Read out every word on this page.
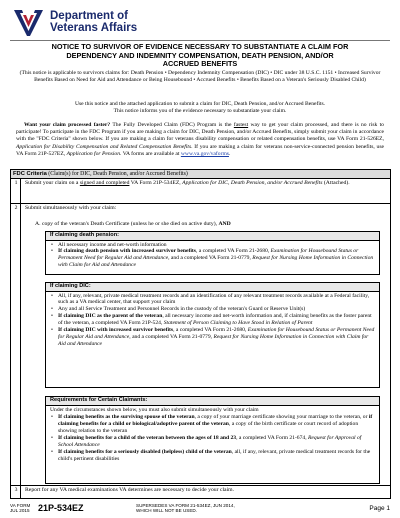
Department of
Veterans Affairs
NOTICE TO SURVIVOR OF EVIDENCE NECESSARY TO SUBSTANTIATE A CLAIM FOR
DEPENDENCY AND INDEMNITY COMPENSATION, DEATH PENSION, AND/OR
ACCRUED BENEFITS
(This notice is applicable to survivors claims for: Death Pension • Dependency Indemnity Compensation (DIC) • DIC under 38 U.S.C. 1151 • Increased Survivor Benefits Based on Need for Aid and Attendance or Being Housebound • Accrued Benefits • Benefits Based on a Veteran's Seriously Disabled Child)
Use this notice and the attached application to submit a claim for DIC, Death Pension, and/or Accrued Benefits.
This notice informs you of the evidence necessary to substantiate your claim.
Want your claim processed faster? The Fully Developed Claim (FDC) Program is the fastest way to get your claim processed, and there is no risk to participate! To participate in the FDC Program if you are making a claim for DIC, Death Pension, and/or Accrued Benefits, simply submit your claim in accordance with the "FDC Criteria" shown below. If you are making a claim for veterans disability compensation or related compensation benefits, use VA Form 21-526EZ, Application for Disability Compensation and Related Compensation Benefits. If you are making a claim for veterans non-service-connected pension benefits, use VA Form 21P-527EZ, Application for Pension. VA forms are available at www.va.gov/vaforms.
FDC Criteria (Claim(s) for DIC, Death Pension, and/or Accrued Benefits)
1	Submit your claim on a signed and completed VA Form 21P-534EZ, Application for DIC, Death Pension, and/or Accrued Benefits (Attached).
2	Submit simultaneously with your claim:
A. copy of the veteran's Death Certificate (unless he or she died on active duty), AND
If claiming death pension:
• All necessary income and net-worth information
• If claiming death pension with increased survivor benefits, a completed VA Form 21-2680, Examination for Housebound Status or Permanent Need for Regular Aid and Attendance, and a completed VA Form 21-0779, Request for Nursing Home Information in Connection with Claim for Aid and Attendance
If claiming DIC:
• All, if any, relevant, private medical treatment records and an identification of any relevant treatment records available at a Federal facility, such as a VA medical center, that support your claim
• Any and all Service Treatment and Personnel Records in the custody of the veteran's Guard or Reserve Unit(s)
• If claiming DIC as the parent of the veteran, all necessary income and net-worth information and, if claiming benefits as the foster parent of the veteran, a completed VA Form 21P-524, Statement of Person Claiming to Have Stood in Relation of Parent
• If claiming DIC with increased survivor benefits, a completed VA Form 21-2680, Examination for Housebound Status or Permanent Need for Regular Aid and Attendance, and a completed VA Form 21-0779, Request for Nursing Home Information in Connection with Claim for Aid and Attendance
Requirements for Certain Claimants:
Under the circumstances shown below, you must also submit simultaneously with your claim
• If claiming benefits as the surviving spouse of the veteran, a copy of your marriage certificate showing your marriage to the veteran, or if claiming benefits for a child or biological/adoptive parent of the veteran, a copy of the birth certificate or court record of adoption showing relation to the veteran
• If claiming benefits for a child of the veteran between the ages of 18 and 23, a completed VA Form 21-674, Request for Approval of School Attendance
• If claiming benefits for a seriously disabled (helpless) child of the veteran, all, if any, relevant, private medical treatment records for the child's pertinent disabilities
3	Report for any VA medical examinations VA determines are necessary to decide your claim.
VA FORM
JUL 2015 21P-534EZ	SUPERSEDES VA FORM 21-534EZ, JUN 2014,
WHICH WILL NOT BE USED.	Page 1
